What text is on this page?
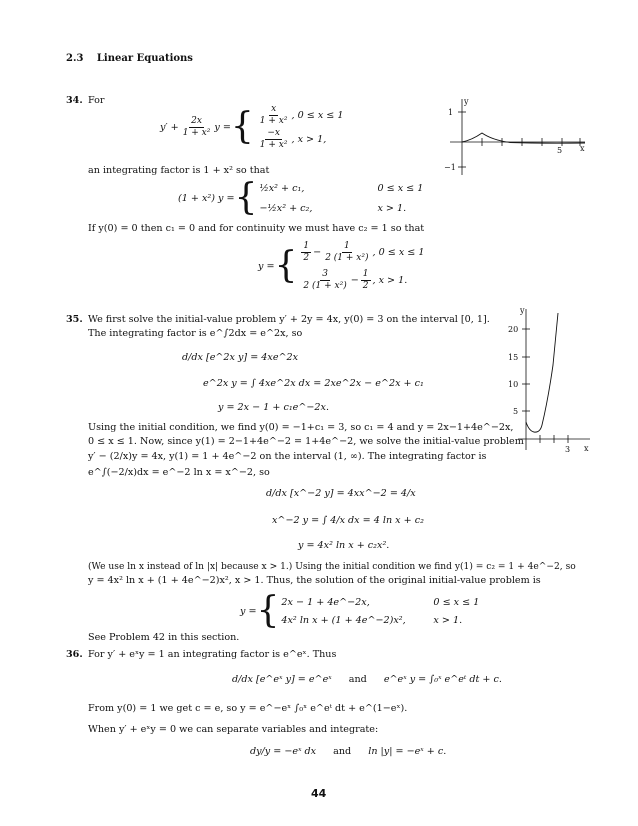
2.3 Linear Equations
34. For
$y' + \frac{2x}{\text{1 + x²}}$ y = { $\frac{x}{\text{1 + x²}}$ , 0 ≤ x ≤ 1
$\frac{-x}{\text{1 + x²}}$ , x > 1,
an integrating factor is 1 + x² so that
(1 + x²) y = { ½x² + c₁,	0 ≤ x ≤ 1
−½x² + c₂,	x > 1.
If y(0) = 0 then c₁ = 0 and for continuity we must have c₂ = 1 so that
y = { $\frac{1}{2} - \frac{1}{\text{2 (1 + x²)}}$ , 0 ≤ x ≤ 1
$\frac{3}{\text{2 (1 + x²)}} - \frac{1}{2}$ , x > 1.
y
x
1
−1
5
35. We first solve the initial-value problem y′ + 2y = 4x, y(0) = 3 on the interval [0, 1].
The integrating factor is e^∫2dx = e^2x, so
d/dx [e^2x y] = 4xe^2x
e^2x y = ∫ 4xe^2x dx = 2xe^2x − e^2x + c₁
y = 2x − 1 + c₁e^−2x.
Using the initial condition, we find y(0) = −1+c₁ = 3, so c₁ = 4 and y = 2x−1+4e^−2x,
0 ≤ x ≤ 1. Now, since y(1) = 2−1+4e^−2 = 1+4e^−2, we solve the initial-value problem
y′ − (2/x)y = 4x, y(1) = 1 + 4e^−2 on the interval (1, ∞). The integrating factor is
e^∫(−2/x)dx = e^−2 ln x = x^−2, so
d/dx [x^−2 y] = 4xx^−2 = 4/x
x^−2 y = ∫ 4/x dx = 4 ln x + c₂
y = 4x² ln x + c₂x².
(We use ln x instead of ln |x| because x > 1.) Using the initial condition we find y(1) = c₂ = 1 + 4e^−2, so
y = 4x² ln x + (1 + 4e^−2)x², x > 1. Thus, the solution of the original initial-value problem is
y = { 2x − 1 + 4e^−2x,	0 ≤ x ≤ 1
4x² ln x + (1 + 4e^−2)x²,	x > 1.
See Problem 42 in this section.
y
x
20
15
10
5
3
36. For y′ + eˣy = 1 an integrating factor is e^eˣ. Thus
d/dx [e^eˣ y] = e^eˣ and e^eˣ y = ∫₀ˣ e^eᵗ dt + c.
From y(0) = 1 we get c = e, so y = e^−eˣ ∫₀ˣ e^eᵗ dt + e^(1−eˣ).
When y′ + eˣy = 0 we can separate variables and integrate:
dy/y = −eˣ dx and ln |y| = −eˣ + c.
44
